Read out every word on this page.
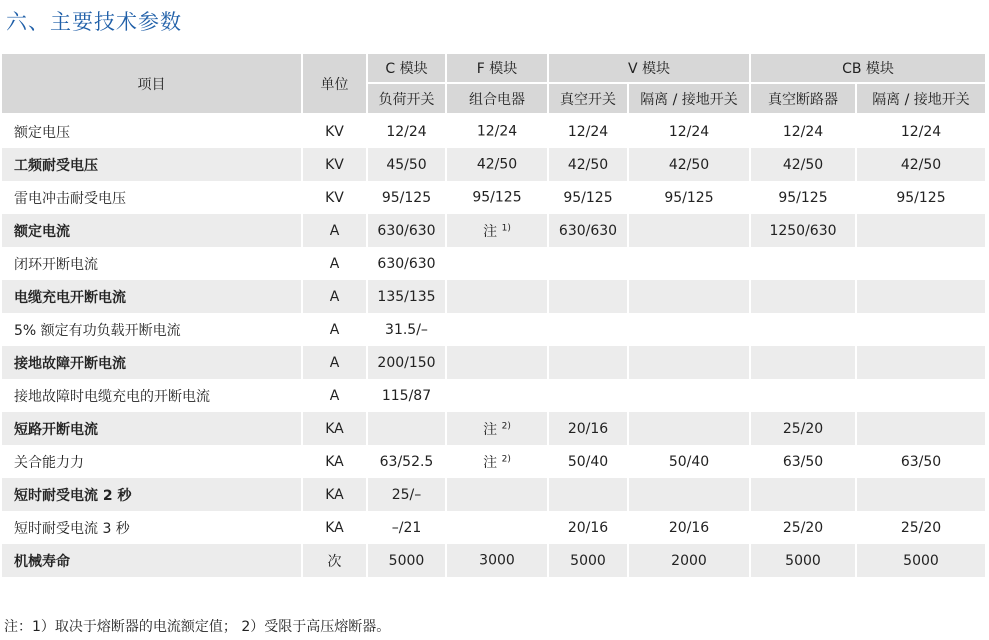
六、主要技术参数
项目	单位	C 模块	F 模块	V 模块		CB 模块	
		负荷开关	组合电器	真空开关	隔离 / 接地开关	真空断路器	隔离 / 接地开关
额定电压	KV	12/24	12/24	12/24	12/24	12/24	12/24
工频耐受电压	KV	45/50	42/50	42/50	42/50	42/50	42/50
雷电冲击耐受电压	KV	95/125	95/125	95/125	95/125	95/125	95/125
额定电流	A	630/630	注 $^{1)}$	630/630		1250/630	
闭环开断电流	A	630/630					
电缆充电开断电流	A	135/135					
5% 额定有功负载开断电流	A	31.5/–					
接地故障开断电流	A	200/150					
接地故障时电缆充电的开断电流	A	115/87					
短路开断电流	KA		注 $^{2)}$	20/16		25/20	
关合能力力	KA	63/52.5	注 $^{2)}$	50/40	50/40	63/50	63/50
短时耐受电流 2 秒	KA	25/–					
短时耐受电流 3 秒	KA	–/21		20/16	20/16	25/20	25/20
机械寿命	次	5000	3000	5000	2000	5000	5000
注：1）取决于熔断器的电流额定值； 2）受限于高压熔断器。
